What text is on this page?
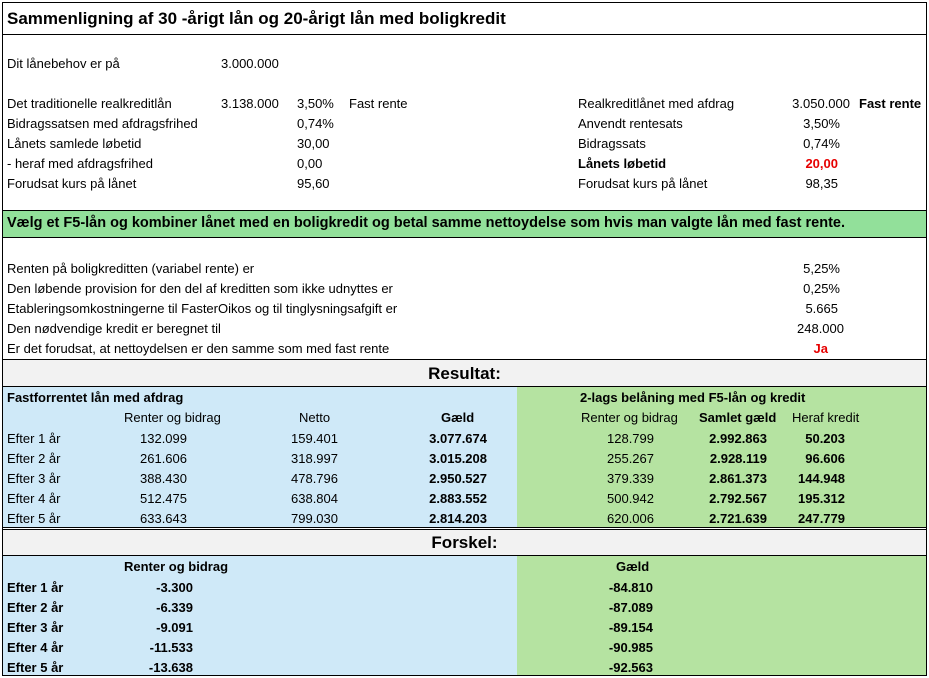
Sammenligning af 30 -årigt lån og 20-årigt lån med boligkredit
Dit lånebehov er på	3.000.000
Det traditionelle realkreditlån	3.138.000 3,50% Fast rente
Bidragssatsen med afdragsfrihed	0,74%
Lånets samlede løbetid	30,00
- heraf med afdragsfrihed	0,00
Forudsat kurs på lånet	95,60
Realkreditlånet med afdrag	3.050.000 Fast rente
Anvendt rentesats	3,50%
Bidragssats	0,74%
Lånets løbetid	20,00
Forudsat kurs på lånet	98,35
Vælg et F5-lån og kombiner lånet med en boligkredit og betal samme nettoydelse som hvis man valgte lån med fast rente.
Renten på boligkreditten (variabel rente) er	5,25%
Den løbende provision for den del af kreditten som ikke udnyttes er	0,25%
Etableringsomkostningerne til FasterOikos og til tinglysningsafgift er	5.665
Den nødvendige kredit er beregnet til	248.000
Er det forudsat, at nettoydelsen er den samme som med fast rente	Ja
Resultat:
Fastforrentet lån med afdrag	2-lags belåning med F5-lån og kredit
Renter og bidrag	Netto	Gæld	Renter og bidrag Samlet gæld Heraf kredit
Efter 1 år	132.099	159.401	3.077.674	128.799	2.992.863	50.203
Efter 2 år	261.606	318.997	3.015.208	255.267	2.928.119	96.606
Efter 3 år	388.430	478.796	2.950.527	379.339	2.861.373	144.948
Efter 4 år	512.475	638.804	2.883.552	500.942	2.792.567	195.312
Efter 5 år	633.643	799.030	2.814.203	620.006	2.721.639	247.779
Forskel:
Renter og bidrag	Gæld
Efter 1 år	-3.300	-84.810
Efter 2 år	-6.339	-87.089
Efter 3 år	-9.091	-89.154
Efter 4 år	-11.533	-90.985
Efter 5 år	-13.638	-92.563
